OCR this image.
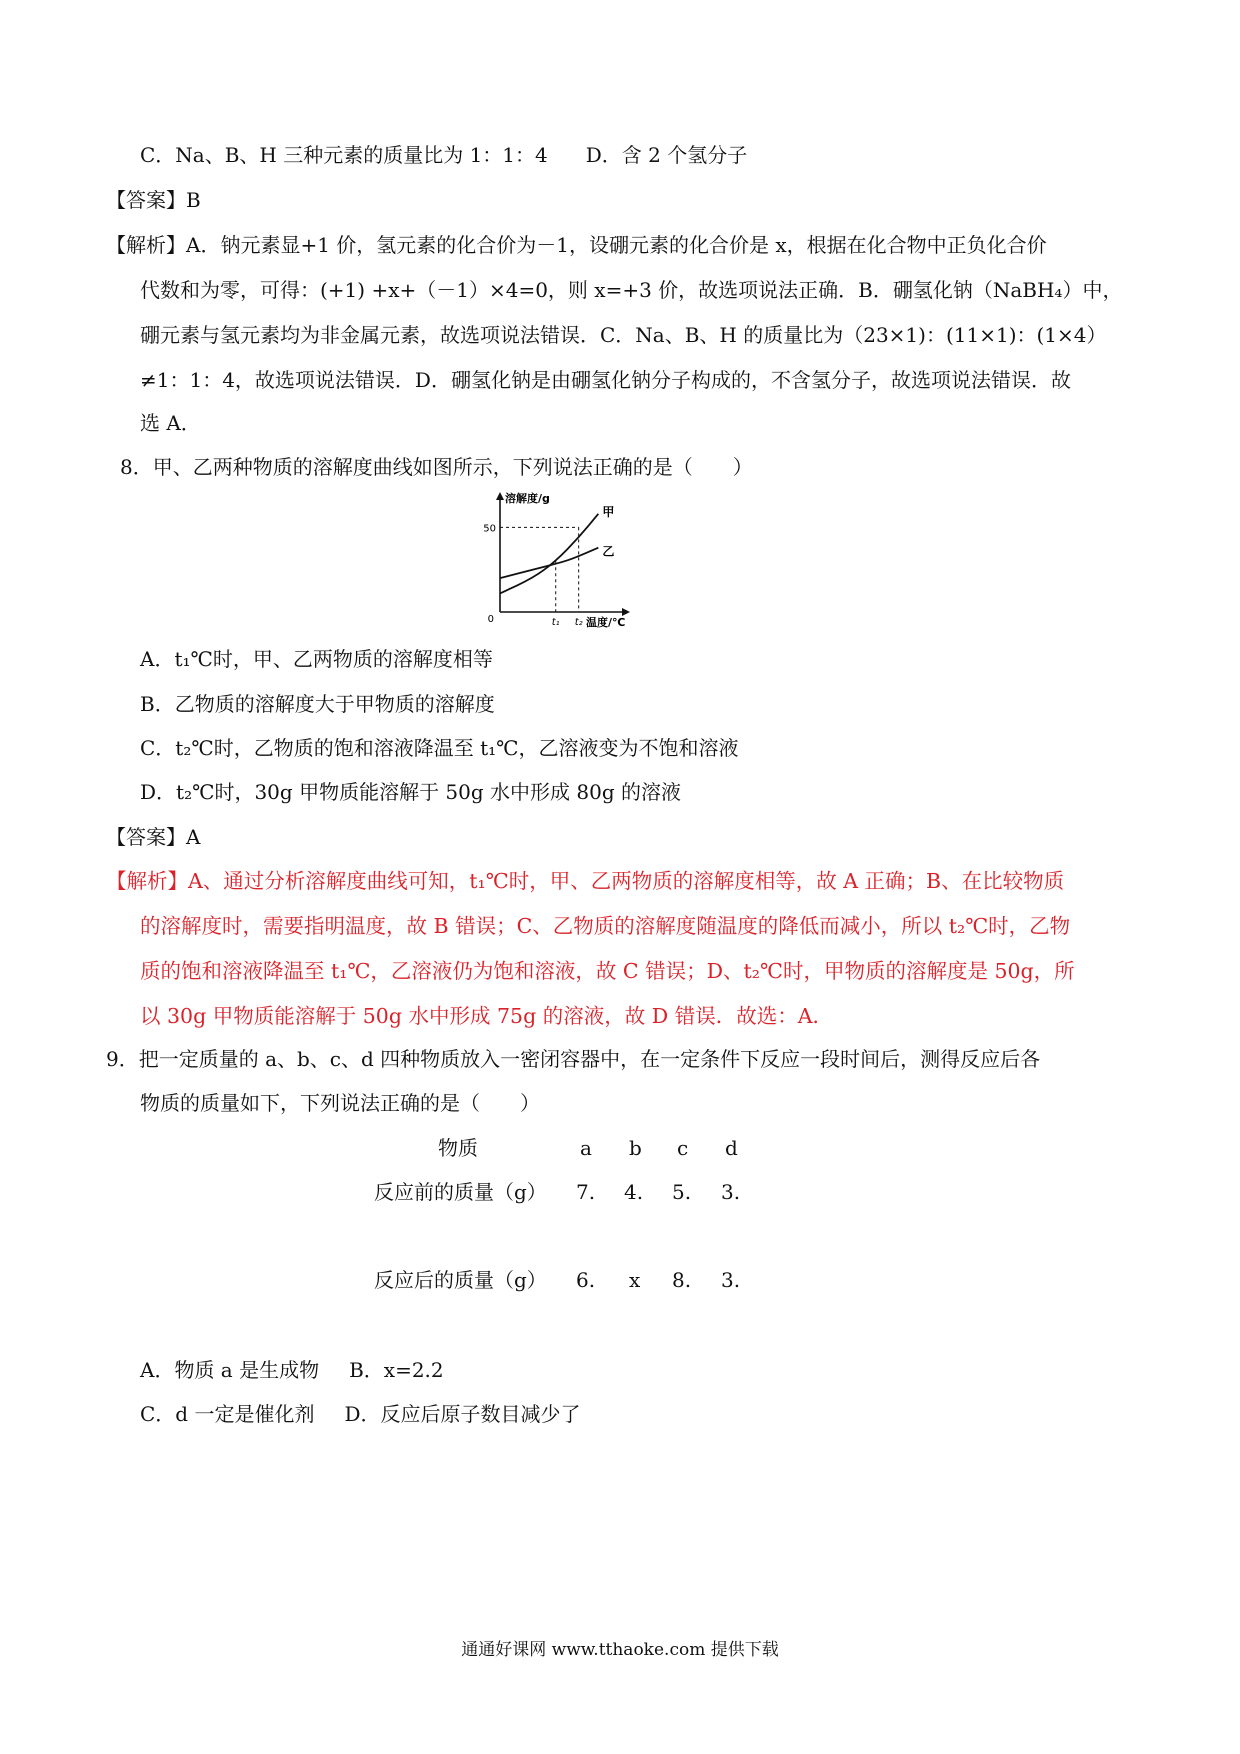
C．Na、B、H 三种元素的质量比为 1：1：4 D．含 2 个氢分子
【答案】B
【解析】A．钠元素显+1 价，氢元素的化合价为－1，设硼元素的化合价是 x，根据在化合物中正负化合价
代数和为零，可得：(+1) +x+（－1）×4=0，则 x=+3 价，故选项说法正确．B．硼氢化钠（NaBH₄）中，
硼元素与氢元素均为非金属元素，故选项说法错误．C．Na、B、H 的质量比为（23×1)：(11×1)：(1×4）
≠1：1：4，故选项说法错误．D．硼氢化钠是由硼氢化钠分子构成的，不含氢分子，故选项说法错误．故
选 A．
8．甲、乙两种物质的溶解度曲线如图所示，下列说法正确的是（　　）
溶解度/g
温度/℃
0
50
t₁ t₂
甲
乙
A．t₁℃时，甲、乙两物质的溶解度相等
B．乙物质的溶解度大于甲物质的溶解度
C．t₂℃时，乙物质的饱和溶液降温至 t₁℃，乙溶液变为不饱和溶液
D．t₂℃时，30g 甲物质能溶解于 50g 水中形成 80g 的溶液
【答案】A
【解析】A、通过分析溶解度曲线可知，t₁℃时，甲、乙两物质的溶解度相等，故 A 正确；B、在比较物质
的溶解度时，需要指明温度，故 B 错误；C、乙物质的溶解度随温度的降低而减小，所以 t₂℃时，乙物
质的饱和溶液降温至 t₁℃，乙溶液仍为饱和溶液，故 C 错误；D、t₂℃时，甲物质的溶解度是 50g，所
以 30g 甲物质能溶解于 50g 水中形成 75g 的溶液，故 D 错误．故选：A．
9．把一定质量的 a、b、c、d 四种物质放入一密闭容器中，在一定条件下反应一段时间后，测得反应后各
物质的质量如下，下列说法正确的是（　　）
物质	a b c d
反应前的质量（g） 7. 4. 5. 3.
反应后的质量（g） 6. x 8. 3.
A．物质 a 是生成物 B．x=2.2
C．d 一定是催化剂 D．反应后原子数目减少了
通通好课网 www.tthaoke.com 提供下载
